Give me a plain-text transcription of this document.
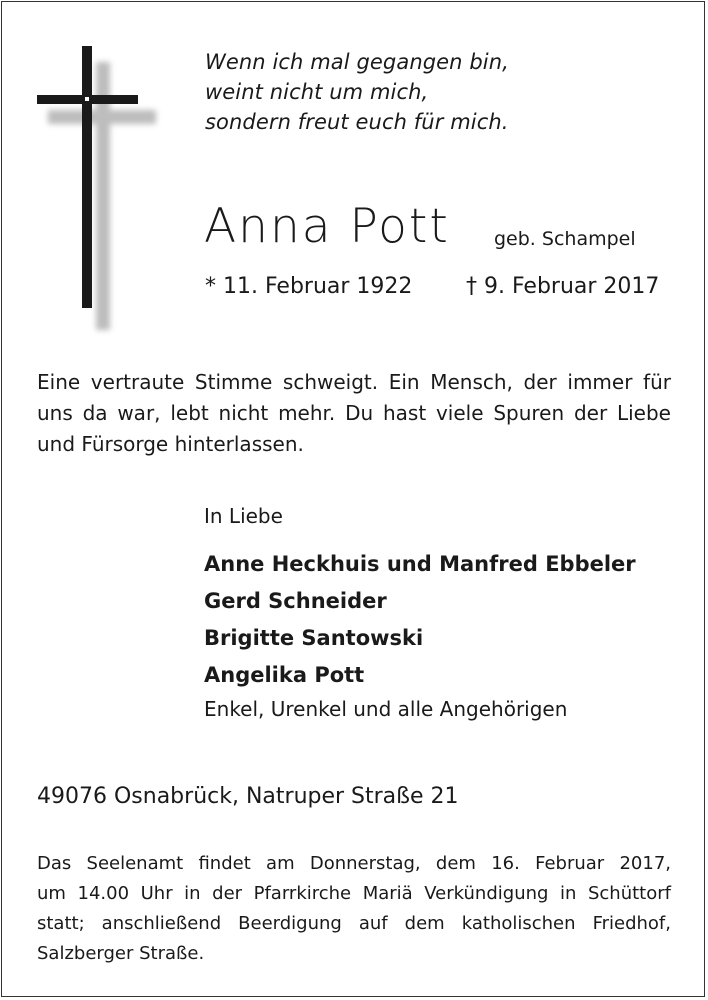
Wenn ich mal gegangen bin,
weint nicht um mich,
sondern freut euch für mich.
Anna Pott geb. Schampel
* 11. Februar 1922 † 9. Februar 2017
Eine vertraute Stimme schweigt. Ein Mensch, der immer für
uns da war, lebt nicht mehr. Du hast viele Spuren der Liebe
und Fürsorge hinterlassen.
In Liebe
Anne Heckhuis und Manfred Ebbeler
Gerd Schneider
Brigitte Santowski
Angelika Pott
Enkel, Urenkel und alle Angehörigen
49076 Osnabrück, Natruper Straße 21
Das Seelenamt findet am Donnerstag, dem 16. Februar 2017,
um 14.00 Uhr in der Pfarrkirche Mariä Verkündigung in Schüttorf
statt; anschließend Beerdigung auf dem katholischen Friedhof,
Salzberger Straße.
